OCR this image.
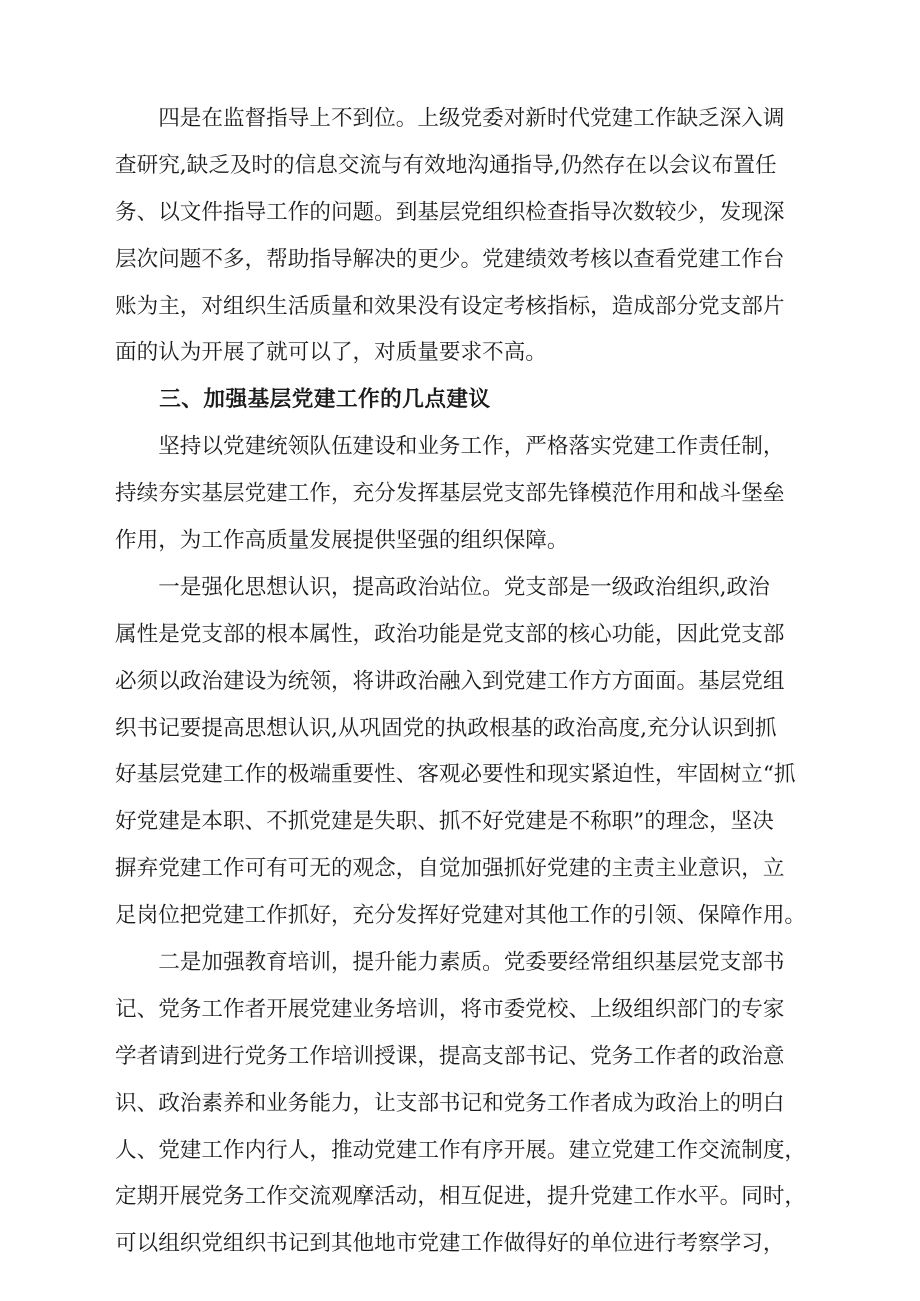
　　四是在监督指导上不到位。上级党委对新时代党建工作缺乏深入调
查研究,缺乏及时的信息交流与有效地沟通指导,仍然存在以会议布置任
务、以文件指导工作的问题。到基层党组织检查指导次数较少，发现深
层次问题不多，帮助指导解决的更少。党建绩效考核以查看党建工作台
账为主，对组织生活质量和效果没有设定考核指标，造成部分党支部片
面的认为开展了就可以了，对质量要求不高。
　　三、加强基层党建工作的几点建议
　　坚持以党建统领队伍建设和业务工作，严格落实党建工作责任制，
持续夯实基层党建工作，充分发挥基层党支部先锋模范作用和战斗堡垒
作用，为工作高质量发展提供坚强的组织保障。
　　一是强化思想认识，提高政治站位。党支部是一级政治组织,政治
属性是党支部的根本属性，政治功能是党支部的核心功能，因此党支部
必须以政治建设为统领，将讲政治融入到党建工作方方面面。基层党组
织书记要提高思想认识,从巩固党的执政根基的政治高度,充分认识到抓
好基层党建工作的极端重要性、客观必要性和现实紧迫性，牢固树立“抓
好党建是本职、不抓党建是失职、抓不好党建是不称职”的理念，坚决
摒弃党建工作可有可无的观念，自觉加强抓好党建的主责主业意识，立
足岗位把党建工作抓好，充分发挥好党建对其他工作的引领、保障作用。
　　二是加强教育培训，提升能力素质。党委要经常组织基层党支部书
记、党务工作者开展党建业务培训，将市委党校、上级组织部门的专家
学者请到进行党务工作培训授课，提高支部书记、党务工作者的政治意
识、政治素养和业务能力，让支部书记和党务工作者成为政治上的明白
人、党建工作内行人，推动党建工作有序开展。建立党建工作交流制度，
定期开展党务工作交流观摩活动，相互促进，提升党建工作水平。同时，
可以组织党组织书记到其他地市党建工作做得好的单位进行考察学习，
